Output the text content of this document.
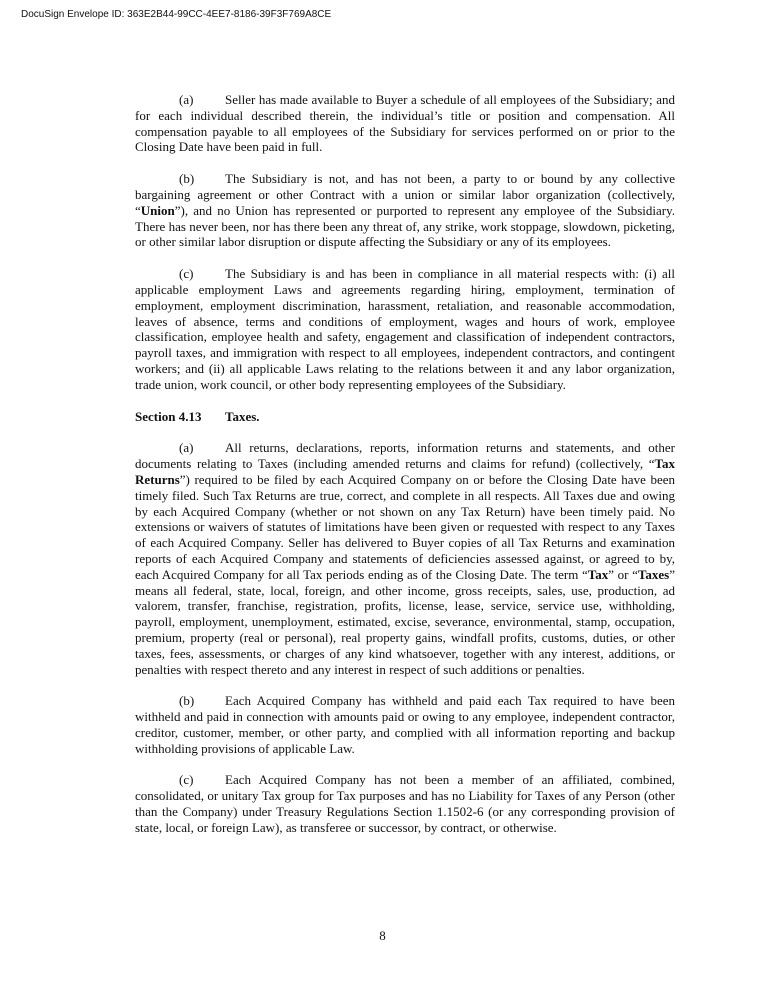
DocuSign Envelope ID: 363E2B44-99CC-4EE7-8186-39F3F769A8CE

(a) Seller has made available to Buyer a schedule of all employees of the Subsidiary; and for each individual described therein, the individual’s title or position and compensation. All compensation payable to all employees of the Subsidiary for services performed on or prior to the Closing Date have been paid in full.

(b) The Subsidiary is not, and has not been, a party to or bound by any collective bargaining agreement or other Contract with a union or similar labor organization (collectively, “Union”), and no Union has represented or purported to represent any employee of the Subsidiary. There has never been, nor has there been any threat of, any strike, work stoppage, slowdown, picketing, or other similar labor disruption or dispute affecting the Subsidiary or any of its employees.

(c) The Subsidiary is and has been in compliance in all material respects with: (i) all applicable employment Laws and agreements regarding hiring, employment, termination of employment, employment discrimination, harassment, retaliation, and reasonable accommodation, leaves of absence, terms and conditions of employment, wages and hours of work, employee classification, employee health and safety, engagement and classification of independent contractors, payroll taxes, and immigration with respect to all employees, independent contractors, and contingent workers; and (ii) all applicable Laws relating to the relations between it and any labor organization, trade union, work council, or other body representing employees of the Subsidiary.

Section 4.13 Taxes.

(a) All returns, declarations, reports, information returns and statements, and other documents relating to Taxes (including amended returns and claims for refund) (collectively, “Tax Returns”) required to be filed by each Acquired Company on or before the Closing Date have been timely filed. Such Tax Returns are true, correct, and complete in all respects. All Taxes due and owing by each Acquired Company (whether or not shown on any Tax Return) have been timely paid. No extensions or waivers of statutes of limitations have been given or requested with respect to any Taxes of each Acquired Company. Seller has delivered to Buyer copies of all Tax Returns and examination reports of each Acquired Company and statements of deficiencies assessed against, or agreed to by, each Acquired Company for all Tax periods ending as of the Closing Date. The term “Tax” or “Taxes” means all federal, state, local, foreign, and other income, gross receipts, sales, use, production, ad valorem, transfer, franchise, registration, profits, license, lease, service, service use, withholding, payroll, employment, unemployment, estimated, excise, severance, environmental, stamp, occupation, premium, property (real or personal), real property gains, windfall profits, customs, duties, or other taxes, fees, assessments, or charges of any kind whatsoever, together with any interest, additions, or penalties with respect thereto and any interest in respect of such additions or penalties.

(b) Each Acquired Company has withheld and paid each Tax required to have been withheld and paid in connection with amounts paid or owing to any employee, independent contractor, creditor, customer, member, or other party, and complied with all information reporting and backup withholding provisions of applicable Law.

(c) Each Acquired Company has not been a member of an affiliated, combined, consolidated, or unitary Tax group for Tax purposes and has no Liability for Taxes of any Person (other than the Company) under Treasury Regulations Section 1.1502-6 (or any corresponding provision of state, local, or foreign Law), as transferee or successor, by contract, or otherwise.

8
